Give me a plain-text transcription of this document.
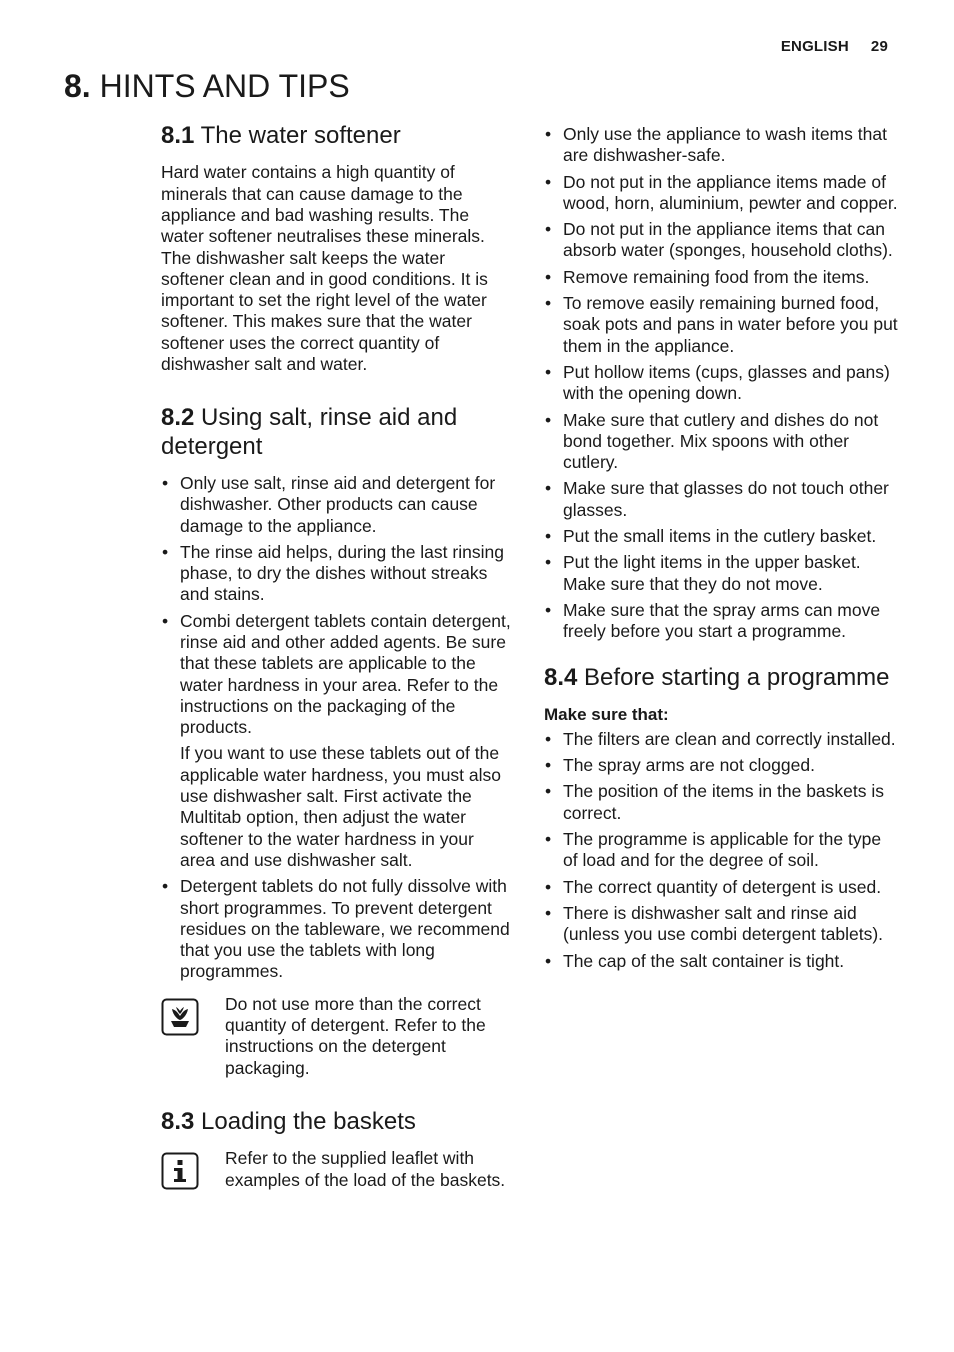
ENGLISH 29
8. HINTS AND TIPS
8.1 The water softener

Hard water contains a high quantity of minerals that can cause damage to the appliance and bad washing results. The water softener neutralises these minerals.

The dishwasher salt keeps the water softener clean and in good conditions. It is important to set the right level of the water softener. This makes sure that the water softener uses the correct quantity of dishwasher salt and water.

8.2 Using salt, rinse aid and detergent
• Only use salt, rinse aid and detergent for dishwasher. Other products can cause damage to the appliance.
• The rinse aid helps, during the last rinsing phase, to dry the dishes without streaks and stains.
• Combi detergent tablets contain detergent, rinse aid and other added agents. Be sure that these tablets are applicable to the water hardness in your area. Refer to the instructions on the packaging of the products.
If you want to use these tablets out of the applicable water hardness, you must also use dishwasher salt. First activate the Multitab option, then adjust the water softener to the water hardness in your area and use dishwasher salt.
• Detergent tablets do not fully dissolve with short programmes. To prevent detergent residues on the tableware, we recommend that you use the tablets with long programmes.
Do not use more than the correct quantity of detergent. Refer to the instructions on the detergent packaging.
8.3 Loading the baskets
Refer to the supplied leaflet with examples of the load of the baskets.
• Only use the appliance to wash items that are dishwasher-safe.
• Do not put in the appliance items made of wood, horn, aluminium, pewter and copper.
• Do not put in the appliance items that can absorb water (sponges, household cloths).
• Remove remaining food from the items.
• To remove easily remaining burned food, soak pots and pans in water before you put them in the appliance.
• Put hollow items (cups, glasses and pans) with the opening down.
• Make sure that cutlery and dishes do not bond together. Mix spoons with other cutlery.
• Make sure that glasses do not touch other glasses.
• Put the small items in the cutlery basket.
• Put the light items in the upper basket. Make sure that they do not move.
• Make sure that the spray arms can move freely before you start a programme.
8.4 Before starting a programme
Make sure that:
• The filters are clean and correctly installed.
• The spray arms are not clogged.
• The position of the items in the baskets is correct.
• The programme is applicable for the type of load and for the degree of soil.
• The correct quantity of detergent is used.
• There is dishwasher salt and rinse aid (unless you use combi detergent tablets).
• The cap of the salt container is tight.
